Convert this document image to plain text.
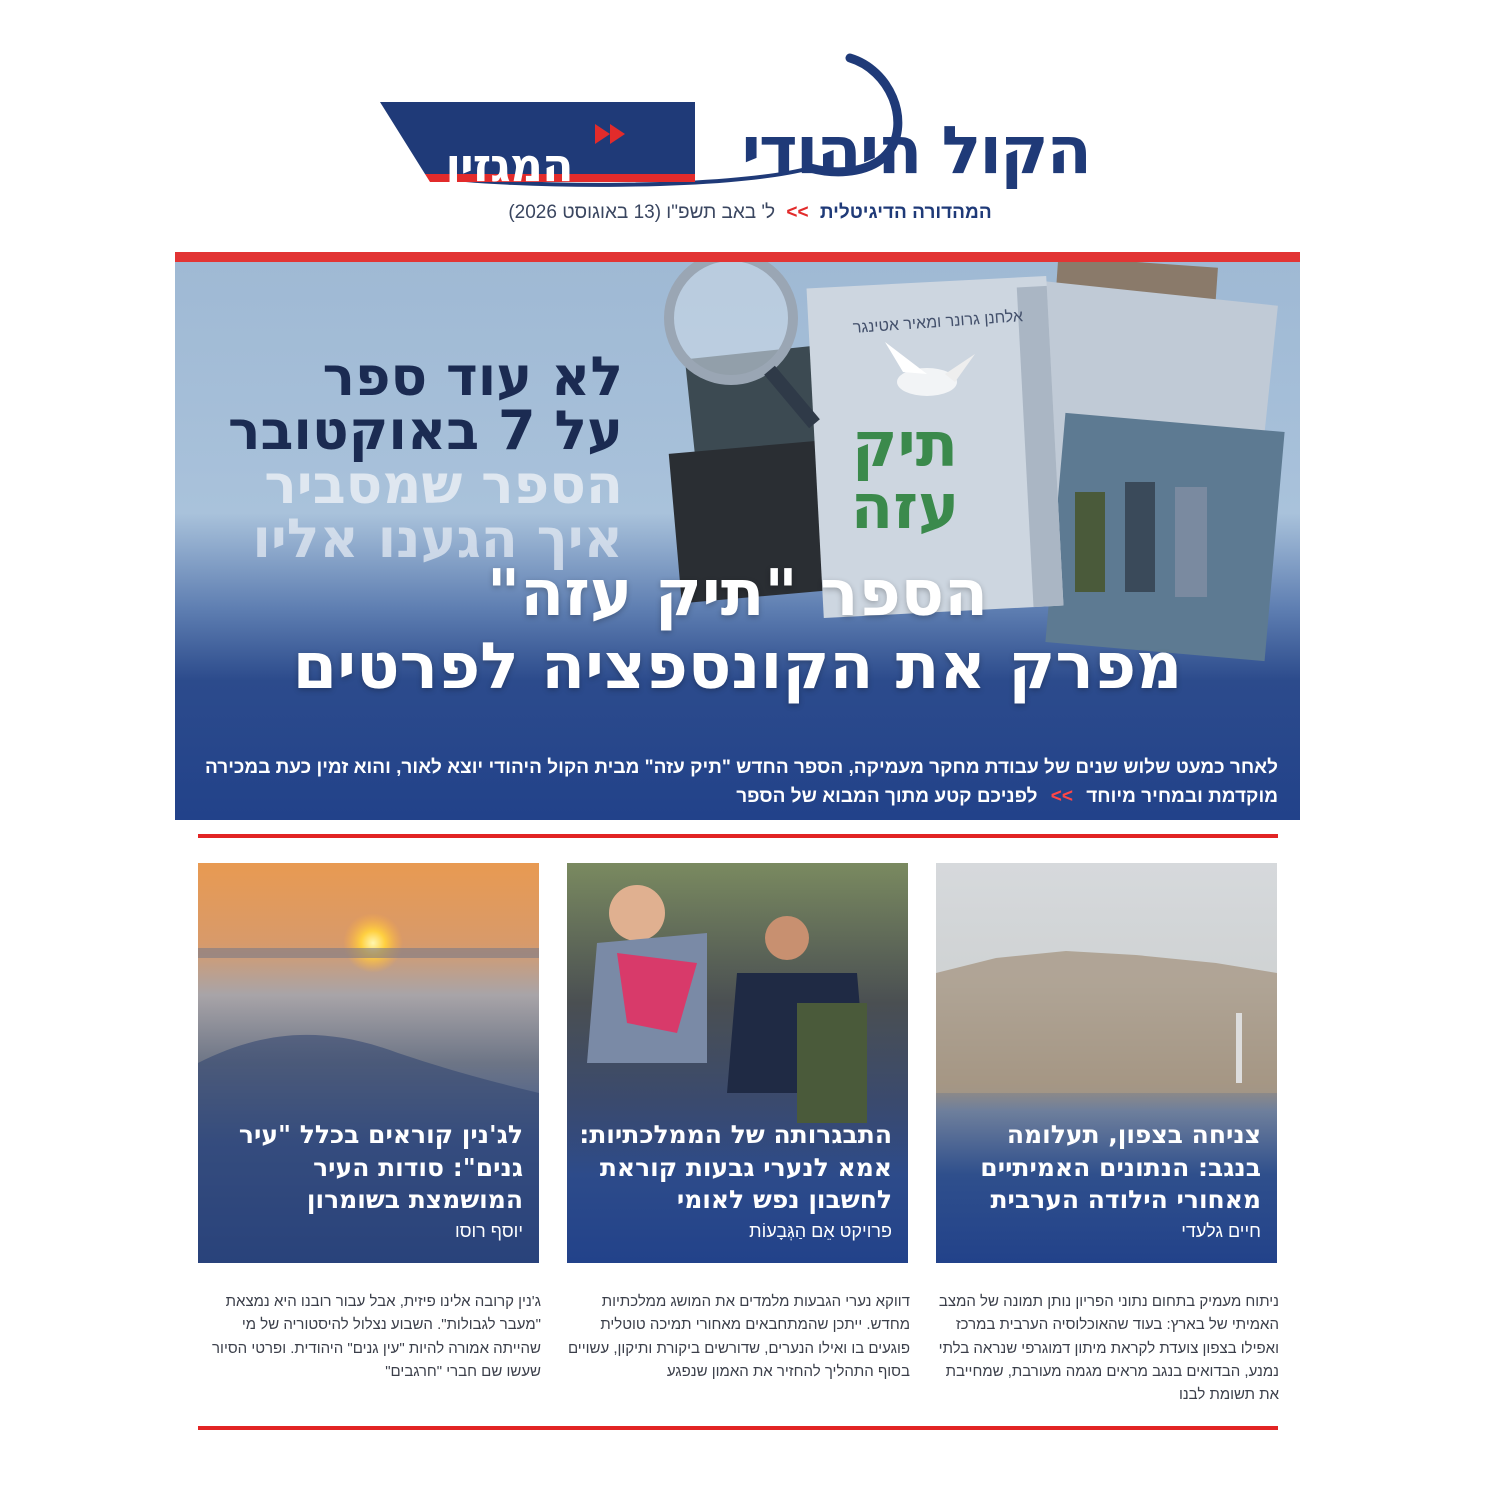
הקול היהודי
המגזין
המהדורה הדיגיטלית >> ל' באב תשפ"ו (13 באוגוסט 2026)
לא עוד ספר
על 7 באוקטובר
הספר שמסביר
איך הגענו אליו
אלחנן גרונר ומאיר אטינגר
תיק
עזה
הספר "תיק עזה"
מפרק את הקונספציה לפרטים

לאחר כמעט שלוש שנים של עבודת מחקר מעמיקה, הספר החדש "תיק עזה" מבית הקול היהודי יוצא לאור, והוא זמין כעת במכירה מוקדמת ובמחיר מיוחד >> לפניכם קטע מתוך המבוא של הספר

צניחה בצפון, תעלומה בנגב: הנתונים האמיתיים מאחורי הילודה הערבית
חיים גלעדי
התבגרותה של הממלכתיות: אמא לנערי גבעות קוראת לחשבון נפש לאומי
פרויקט אֵם הַגְּבָעוֹת
לג'נין קוראים בכלל "עיר גנים": סודות העיר המושמצת בשומרון
יוסף רוסו

ניתוח מעמיק בתחום נתוני הפריון נותן תמונה של המצב האמיתי של בארץ: בעוד שהאוכלוסיה הערבית במרכז ואפילו בצפון צועדת לקראת מיתון דמוגרפי שנראה בלתי נמנע, הבדואים בנגב מראים מגמה מעורבת, שמחייבת את תשומת לבנו

דווקא נערי הגבעות מלמדים את המושג ממלכתיות מחדש. ייתכן שהמתחבאים מאחורי תמיכה טוטלית פוגעים בו ואילו הנערים, שדורשים ביקורת ותיקון, עשויים בסוף התהליך להחזיר את האמון שנפגע

ג'נין קרובה אלינו פיזית, אבל עבור רובנו היא נמצאת "מעבר לגבולות". השבוע נצלול להיסטוריה של מי שהייתה אמורה להיות "עין גנים" היהודית. ופרטי הסיור שעשו שם חברי "חרגבים"
